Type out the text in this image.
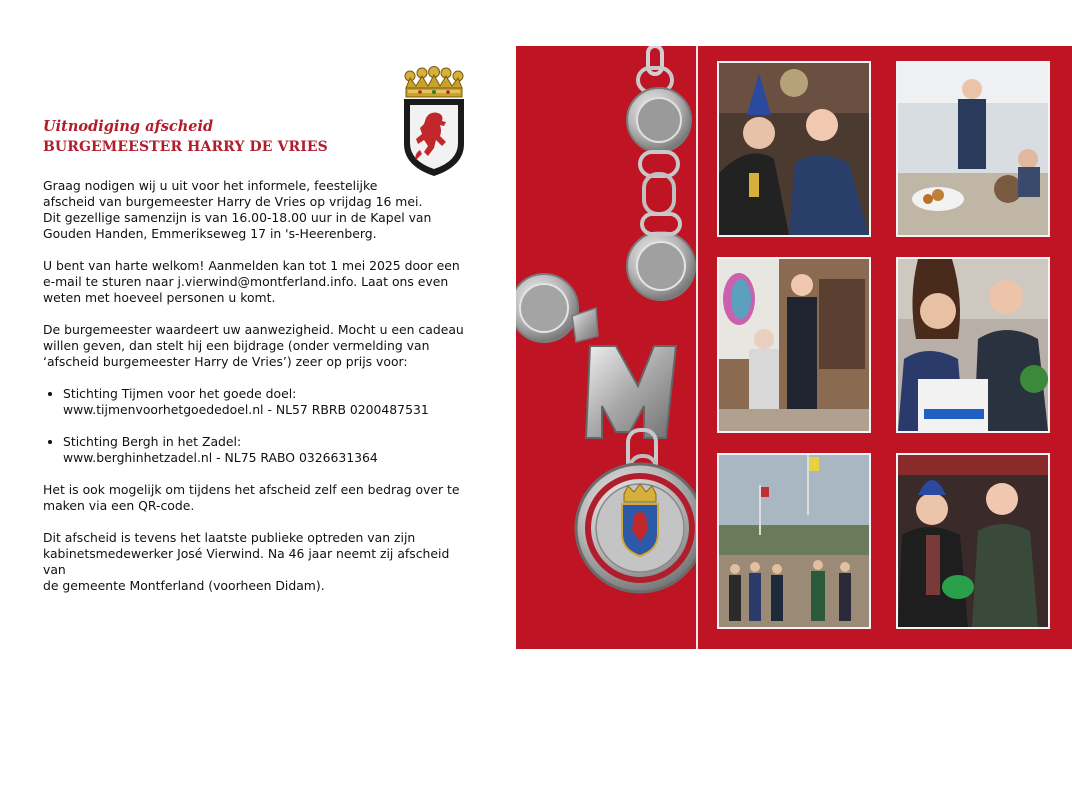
Uitnodiging afscheid
BURGEMEESTER HARRY DE VRIES

Graag nodigen wij u uit voor het informele, feestelijke
afscheid van burgemeester Harry de Vries op vrijdag 16 mei.
Dit gezellige samenzijn is van 16.00-18.00 uur in de Kapel van
Gouden Handen, Emmerikseweg 17 in 's-Heerenberg.

U bent van harte welkom! Aanmelden kan tot 1 mei 2025 door een
e-mail te sturen naar j.vierwind@montferland.info. Laat ons even
weten met hoeveel personen u komt.

De burgemeester waardeert uw aanwezigheid. Mocht u een cadeau
willen geven, dan stelt hij een bijdrage (onder vermelding van
‘afscheid burgemeester Harry de Vries’) zeer op prijs voor:

• Stichting Tijmen voor het goede doel:
www.tijmenvoorhetgoededoel.nl - NL57 RBRB 0200487531
• Stichting Bergh in het Zadel:
www.berghinhetzadel.nl - NL75 RABO 0326631364

Het is ook mogelijk om tijdens het afscheid zelf een bedrag over te
maken via een QR-code.

Dit afscheid is tevens het laatste publieke optreden van zijn
kabinetsmedewerker José Vierwind. Na 46 jaar neemt zij afscheid van
de gemeente Montferland (voorheen Didam).
